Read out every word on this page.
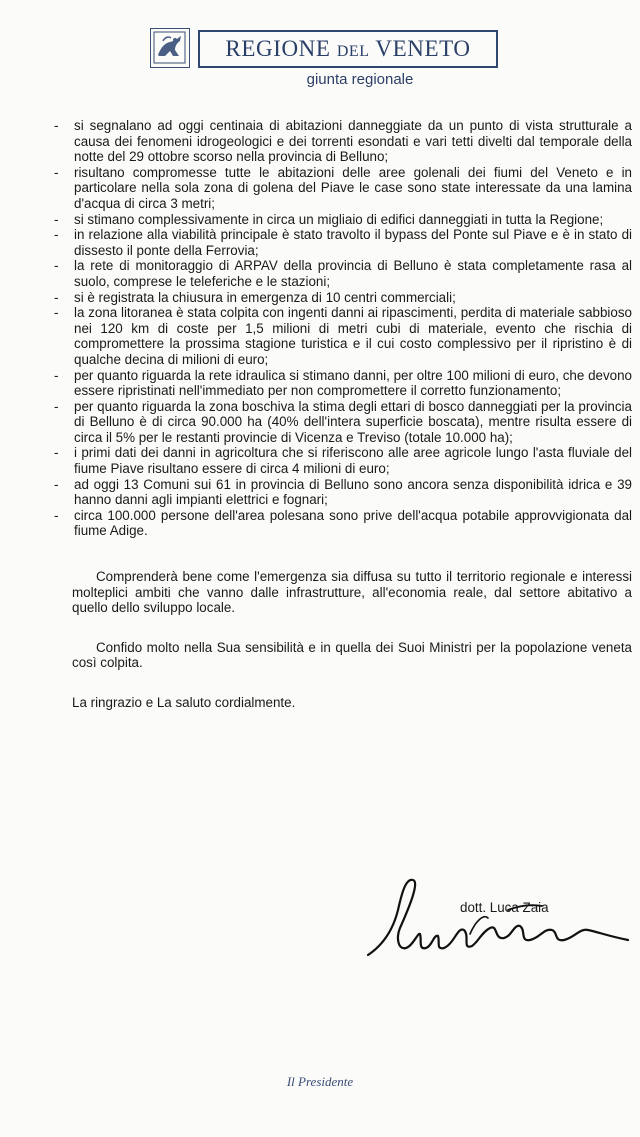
REGIONE DEL VENETO
giunta regionale
-	si segnalano ad oggi centinaia di abitazioni danneggiate da un punto di vista strutturale a causa dei fenomeni idrogeologici e dei torrenti esondati e vari tetti divelti dal temporale della notte del 29 ottobre scorso nella provincia di Belluno;
-	risultano compromesse tutte le abitazioni delle aree golenali dei fiumi del Veneto e in particolare nella sola zona di golena del Piave le case sono state interessate da una lamina d'acqua di circa 3 metri;
-	si stimano complessivamente in circa un migliaio di edifici danneggiati in tutta la Regione;
-	in relazione alla viabilità principale è stato travolto il bypass del Ponte sul Piave e è in stato di dissesto il ponte della Ferrovia;
-	la rete di monitoraggio di ARPAV della provincia di Belluno è stata completamente rasa al suolo, comprese le teleferiche e le stazioni;
-	si è registrata la chiusura in emergenza di 10 centri commerciali;
-	la zona litoranea è stata colpita con ingenti danni ai ripascimenti, perdita di materiale sabbioso nei 120 km di coste per 1,5 milioni di metri cubi di materiale, evento che rischia di compromettere la prossima stagione turistica e il cui costo complessivo per il ripristino è di qualche decina di milioni di euro;
-	per quanto riguarda la rete idraulica si stimano danni, per oltre 100 milioni di euro, che devono essere ripristinati nell'immediato per non compromettere il corretto funzionamento;
-	per quanto riguarda la zona boschiva la stima degli ettari di bosco danneggiati per la provincia di Belluno è di circa 90.000 ha (40% dell'intera superficie boscata), mentre risulta essere di circa il 5% per le restanti provincie di Vicenza e Treviso (totale 10.000 ha);
-	i primi dati dei danni in agricoltura che si riferiscono alle aree agricole lungo l'asta fluviale del fiume Piave risultano essere di circa 4 milioni di euro;
-	ad oggi 13 Comuni sui 61 in provincia di Belluno sono ancora senza disponibilità idrica e 39 hanno danni agli impianti elettrici e fognari;
-	circa 100.000 persone dell'area polesana sono prive dell'acqua potabile approvvigionata dal fiume Adige.
Comprenderà bene come l'emergenza sia diffusa su tutto il territorio regionale e interessi molteplici ambiti che vanno dalle infrastrutture, all'economia reale, dal settore abitativo a quello dello sviluppo locale.
Confido molto nella Sua sensibilità e in quella dei Suoi Ministri per la popolazione veneta così colpita.
La ringrazio e La saluto cordialmente.
dott. Luca Zaia
Il Presidente
